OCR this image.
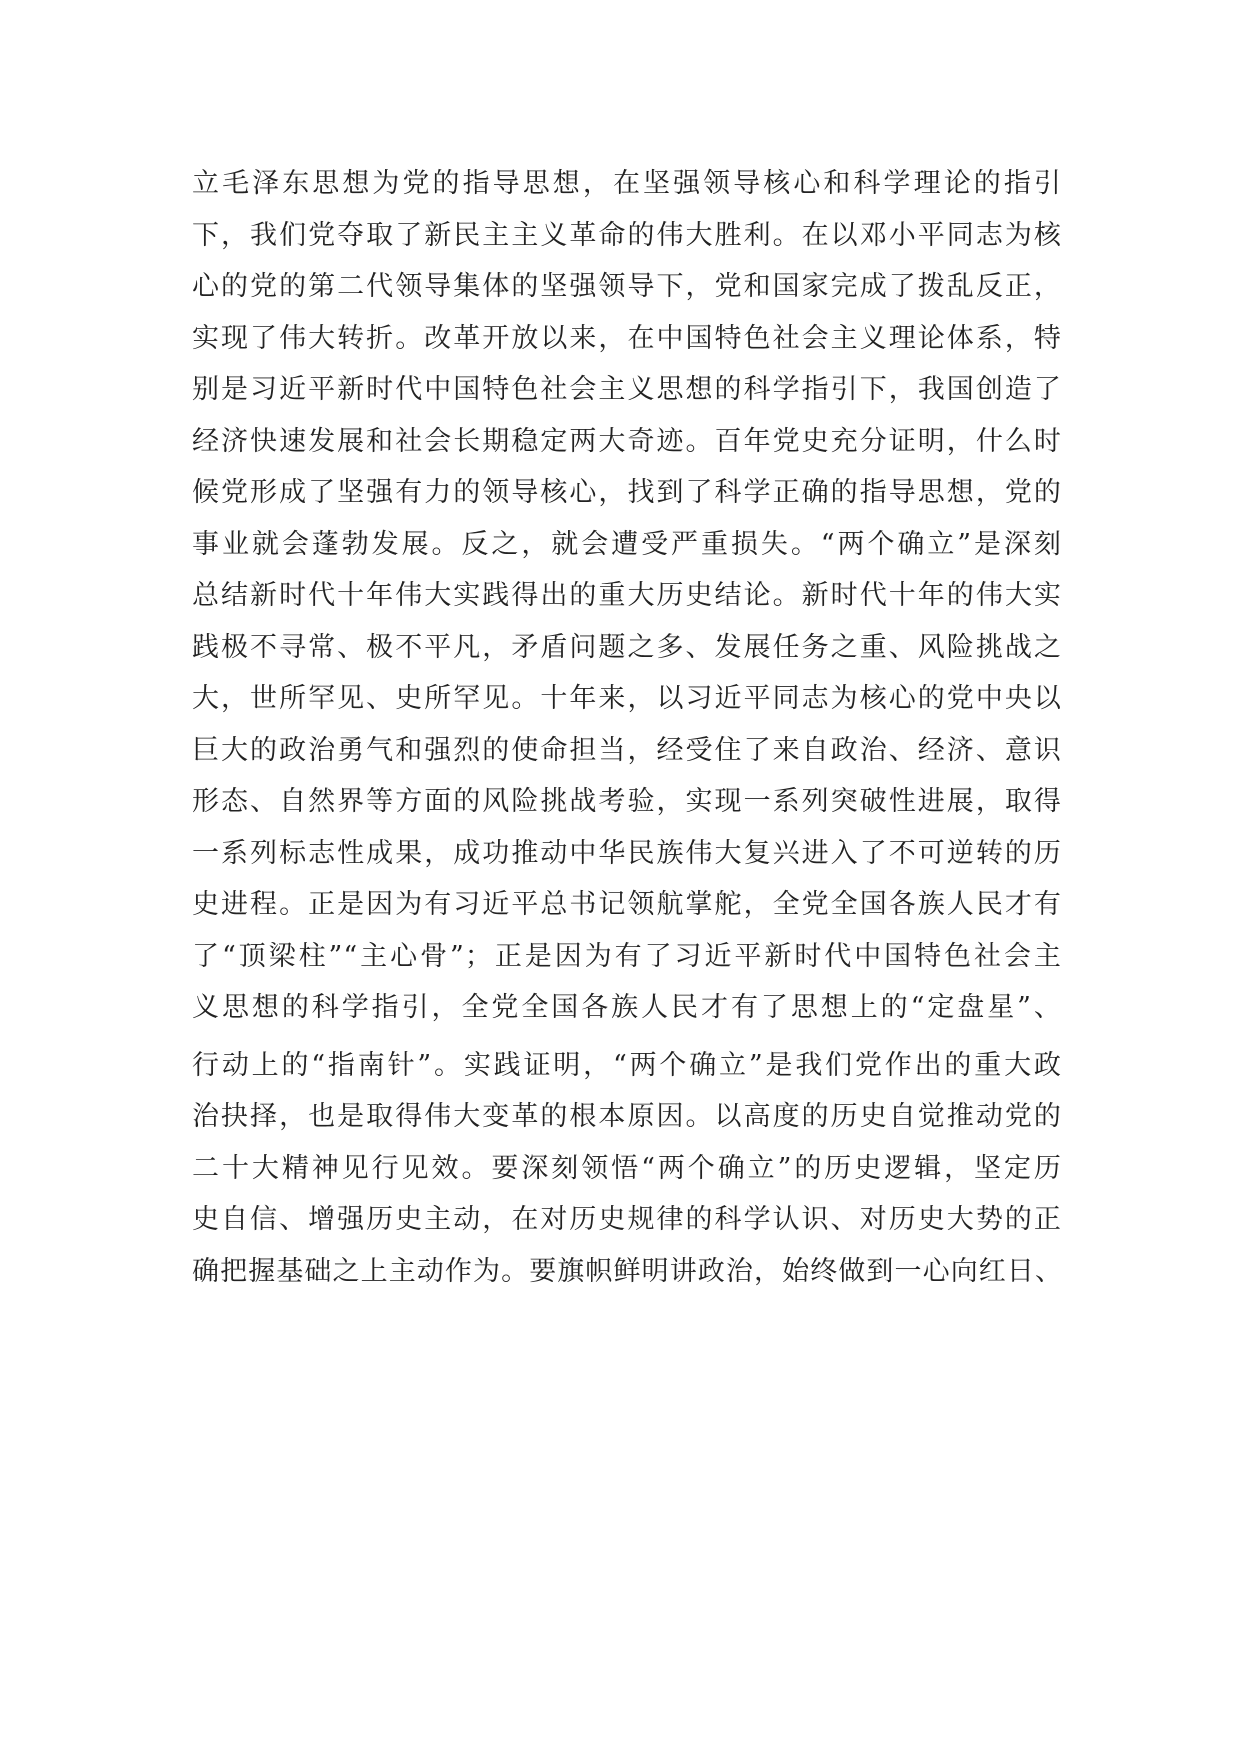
立毛泽东思想为党的指导思想，在坚强领导核心和科学理论的指引
下，我们党夺取了新民主主义革命的伟大胜利。在以邓小平同志为核
心的党的第二代领导集体的坚强领导下，党和国家完成了拨乱反正，
实现了伟大转折。改革开放以来，在中国特色社会主义理论体系，特
别是习近平新时代中国特色社会主义思想的科学指引下，我国创造了
经济快速发展和社会长期稳定两大奇迹。百年党史充分证明，什么时
候党形成了坚强有力的领导核心，找到了科学正确的指导思想，党的
事业就会蓬勃发展。反之，就会遭受严重损失。“两个确立”是深刻
总结新时代十年伟大实践得出的重大历史结论。新时代十年的伟大实
践极不寻常、极不平凡，矛盾问题之多、发展任务之重、风险挑战之
大，世所罕见、史所罕见。十年来，以习近平同志为核心的党中央以
巨大的政治勇气和强烈的使命担当，经受住了来自政治、经济、意识
形态、自然界等方面的风险挑战考验，实现一系列突破性进展，取得
一系列标志性成果，成功推动中华民族伟大复兴进入了不可逆转的历
史进程。正是因为有习近平总书记领航掌舵，全党全国各族人民才有
了“顶梁柱”“主心骨”；正是因为有了习近平新时代中国特色社会主
义思想的科学指引，全党全国各族人民才有了思想上的“定盘星”、
行动上的“指南针”。实践证明，“两个确立”是我们党作出的重大政
治抉择，也是取得伟大变革的根本原因。以高度的历史自觉推动党的
二十大精神见行见效。要深刻领悟“两个确立”的历史逻辑，坚定历
史自信、增强历史主动，在对历史规律的科学认识、对历史大势的正
确把握基础之上主动作为。要旗帜鲜明讲政治，始终做到一心向红日、
